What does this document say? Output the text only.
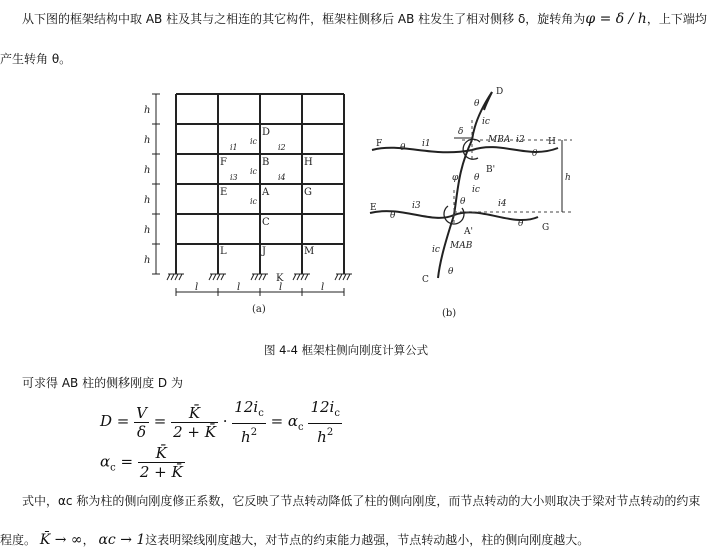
从下图的框架结构中取 AB 柱及其与之相连的其它构件，框架柱侧移后 AB 柱发生了相对侧移 δ，旋转角为φ = δ / h，上下端均
产生转角 θ。
h
h
h
h
h
h
l	l	l	l
D
F	B	H
E	A	G
C
L	J	M
K
i1
ic
i2
i3	i4
ic
ic
(a)
D
θ
ic
δ
MBA	H
F θ i1	i2
θ
B'
φ θ
ic
h
E
θ
i3	i4
θ G
A'
θ
ic MAB
C
θ
(b)
图 4-4 框架柱侧向刚度计算公式
可求得 AB 柱的侧移刚度 D 为
$D = \frac{V}{\delta} = \frac{K̄}{2 + K̄} \cdot \frac{12i_c}{h^2} = \alpha_c \frac{12i_c}{h^2}$
$\alpha_c = \frac{K̄}{2 + K̄}$
式中，αc 称为柱的侧向刚度修正系数，它反映了节点转动降低了柱的侧向刚度，而节点转动的大小则取决于梁对节点转动的约束
程度。 K̄ → ∞， αc → 1这表明梁线刚度越大，对节点的约束能力越强，节点转动越小，柱的侧向刚度越大。
